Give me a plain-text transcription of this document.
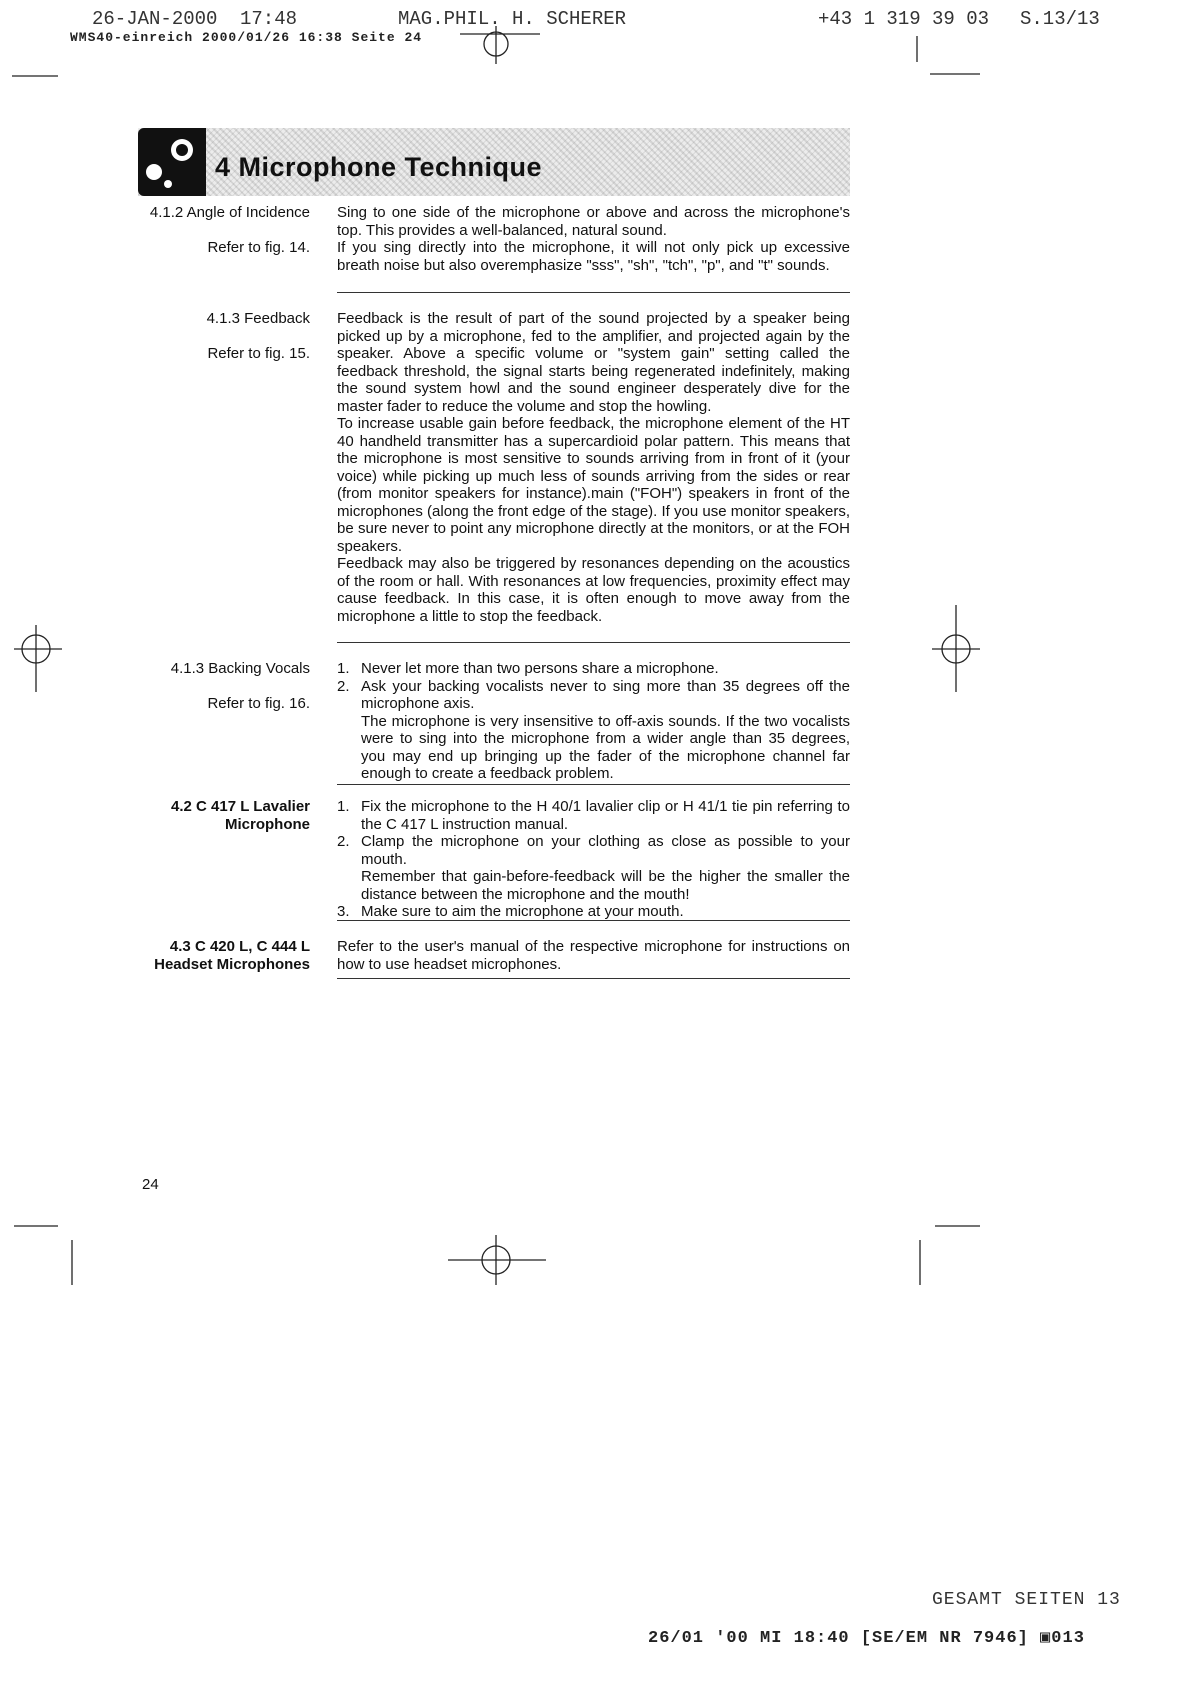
26-JAN-2000 17:48	MAG.PHIL. H. SCHERER	+43 1 319 39 03 S.13/13
WMS40-einreich 2000/01/26 16:38 Seite 24
4 Microphone Technique
4.1.2 Angle of Incidence
Refer to fig. 14.

Sing to one side of the microphone or above and across the microphone's top. This provides a well-balanced, natural sound.

If you sing directly into the microphone, it will not only pick up excessive breath noise but also overemphasize "sss", "sh", "tch", "p", and "t" sounds.

4.1.3 Feedback
Refer to fig. 15.

Feedback is the result of part of the sound projected by a speaker being picked up by a microphone, fed to the amplifier, and projected again by the speaker. Above a specific volume or "system gain" setting called the feedback threshold, the signal starts being regenerated indefinitely, making the sound system howl and the sound engineer desperately dive for the master fader to reduce the volume and stop the howling.

To increase usable gain before feedback, the microphone element of the HT 40 handheld transmitter has a supercardioid polar pattern. This means that the microphone is most sensitive to sounds arriving from in front of it (your voice) while picking up much less of sounds arriving from the sides or rear (from monitor speakers for instance).main ("FOH") speakers in front of the microphones (along the front edge of the stage). If you use monitor speakers, be sure never to point any microphone directly at the monitors, or at the FOH speakers.

Feedback may also be triggered by resonances depending on the acoustics of the room or hall. With resonances at low frequencies, proximity effect may cause feedback. In this case, it is often enough to move away from the microphone a little to stop the feedback.

4.1.3 Backing Vocals
Refer to fig. 16.
1. Never let more than two persons share a microphone.
2. Ask your backing vocalists never to sing more than 35 degrees off the microphone axis.
The microphone is very insensitive to off-axis sounds. If the two vocalists were to sing into the microphone from a wider angle than 35 degrees, you may end up bringing up the fader of the microphone channel far enough to create a feedback problem.
4.2 C 417 L Lavalier
Microphone
1. Fix the microphone to the H 40/1 lavalier clip or H 41/1 tie pin referring to the C 417 L instruction manual.
2. Clamp the microphone on your clothing as close as possible to your mouth.
Remember that gain-before-feedback will be the higher the smaller the distance between the microphone and the mouth!
3. Make sure to aim the microphone at your mouth.
4.3 C 420 L, C 444 L
Headset Microphones

Refer to the user's manual of the respective microphone for instructions on how to use headset microphones.

24
GESAMT SEITEN 13
26/01 '00 MI 18:40 [SE/EM NR 7946] ▣013
